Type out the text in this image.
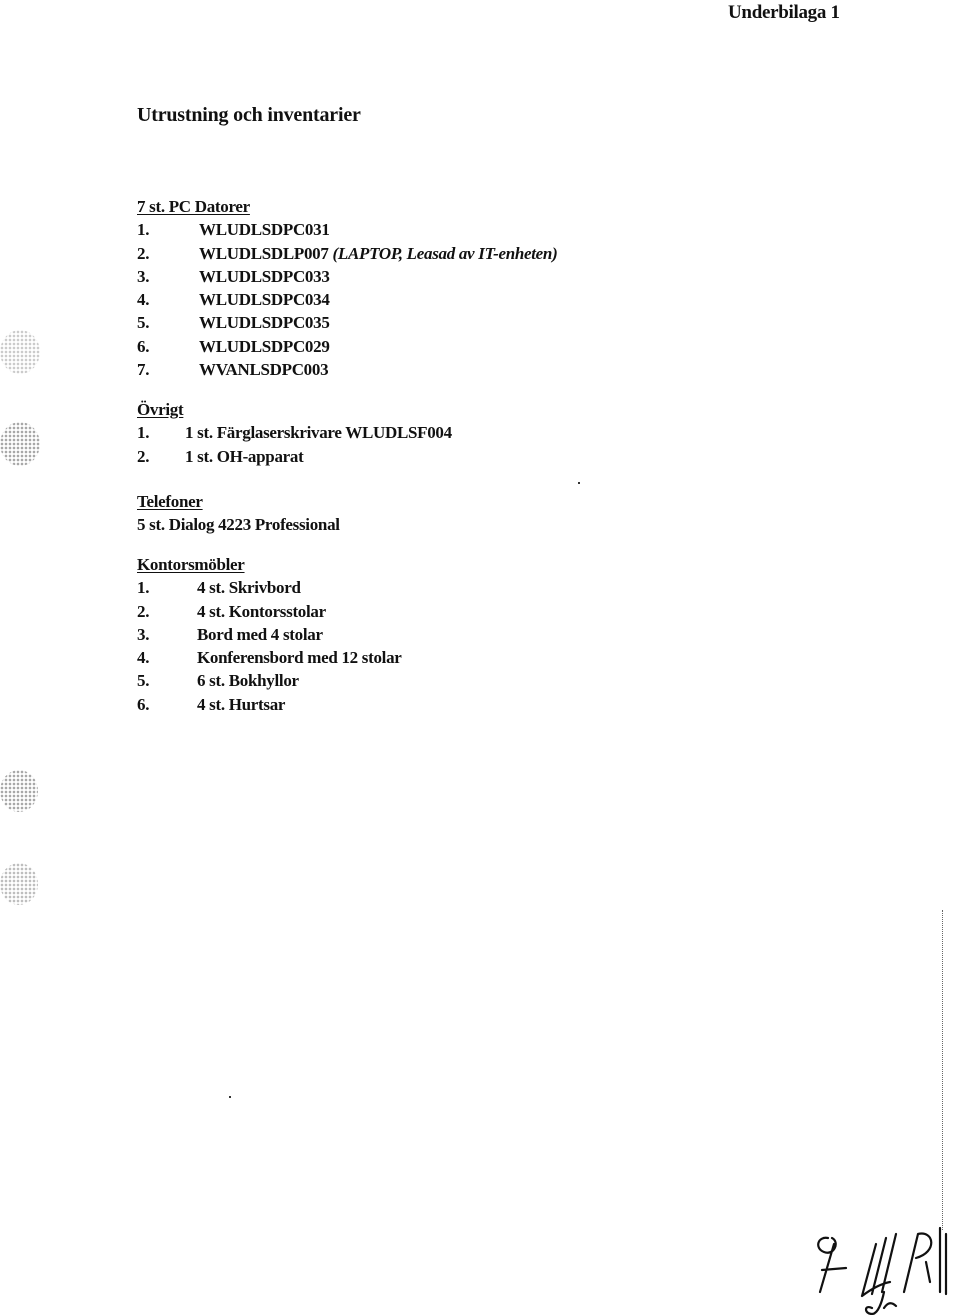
Underbilaga 1
Utrustning och inventarier
7 st. PC Datorer
1.	WLUDLSDPC031
2.	WLUDLSDLP007 (LAPTOP, Leasad av IT-enheten)
3.	WLUDLSDPC033
4.	WLUDLSDPC034
5.	WLUDLSDPC035
6.	WLUDLSDPC029
7.	WVANLSDPC003
Övrigt
1.	1 st. Färglaserskrivare WLUDLSF004
2.	1 st. OH-apparat
Telefoner
5 st. Dialog 4223 Professional
Kontorsmöbler
1.	4 st. Skrivbord
2.	4 st. Kontorsstolar
3.	Bord med 4 stolar
4.	Konferensbord med 12 stolar
5.	6 st. Bokhyllor
6.	4 st. Hurtsar
